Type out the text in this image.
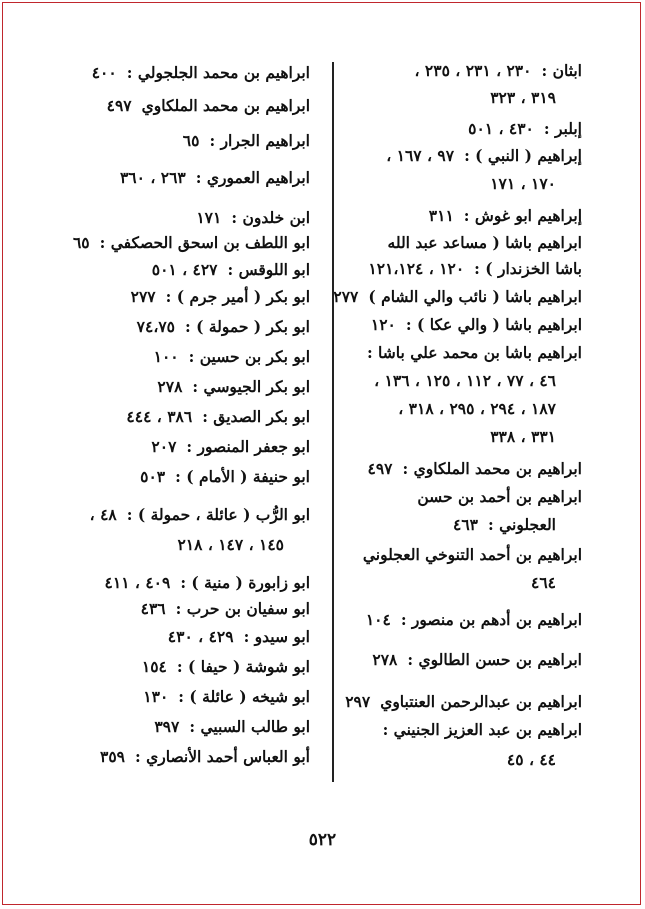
ابثان :٢٣٠ ، ٢٣١ ، ٢٣٥ ،
٣١٩ ، ٣٢٣
إبلبر :٤٣٠ ، ٥٠١
إبراهيم ( النبي ) :٩٧ ، ١٦٧ ،
١٧٠ ، ١٧١
إبراهيم ابو غوش :٣١١
ابراهيم باشا ( مساعد عبد الله
باشا الخزندار ) :١٢٠ ، ١٢١،١٢٤
ابراهيم باشا ( نائب والي الشام )٢٧٧
ابراهيم باشا ( والي عكا ) :١٢٠
ابراهيم باشا بن محمد علي باشا :
٤٦ ، ٧٧ ، ١١٢ ، ١٢٥ ، ١٣٦ ،
١٨٧ ، ٢٩٤ ، ٢٩٥ ، ٣١٨ ،
٣٣١ ، ٣٣٨
ابراهيم بن محمد الملكاوي :٤٩٧
ابراهيم بن أحمد بن حسن
العجلوني :٤٦٣
ابراهيم بن أحمد التنوخي العجلوني
٤٦٤
ابراهيم بن أدهم بن منصور :١٠٤
ابراهيم بن حسن الطالوي :٢٧٨
ابراهيم بن عبدالرحمن العنتباوي٢٩٧
ابراهيم بن عبد العزيز الجنيني :
٤٤ ، ٤٥
ابراهيم بن محمد الجلجولي :٤٠٠
ابراهيم بن محمد الملكاوي٤٩٧
ابراهيم الجرار :٦٥
ابراهيم العموري :٢٦٣ ، ٣٦٠
ابن خلدون :١٧١
ابو اللطف بن اسحق الحصكفي :٦٥
ابو اللوقس :٤٢٧ ، ٥٠١
ابو بكر ( أمير جرم ) :٢٧٧
ابو بكر ( حمولة ) :٧٤،٧٥
ابو بكر بن حسين :١٠٠
ابو بكر الجيوسي :٢٧٨
ابو بكر الصديق :٣٨٦ ، ٤٤٤
ابو جعفر المنصور :٢٠٧
ابو حنيفة ( الأمام ) :٥٠٣
ابو الرُّب ( عائلة ، حمولة ) :٤٨ ،
١٤٥ ، ١٤٧ ، ٢١٨
ابو زابورة ( منية ) :٤٠٩ ، ٤١١
ابو سفيان بن حرب :٤٣٦
ابو سيدو :٤٢٩ ، ٤٣٠
ابو شوشة ( حيفا ) :١٥٤
ابو شيخه ( عائلة ) :١٣٠
ابو طالب السبيي :٣٩٧
أبو العباس أحمد الأنصاري :٣٥٩
٥٢٢
